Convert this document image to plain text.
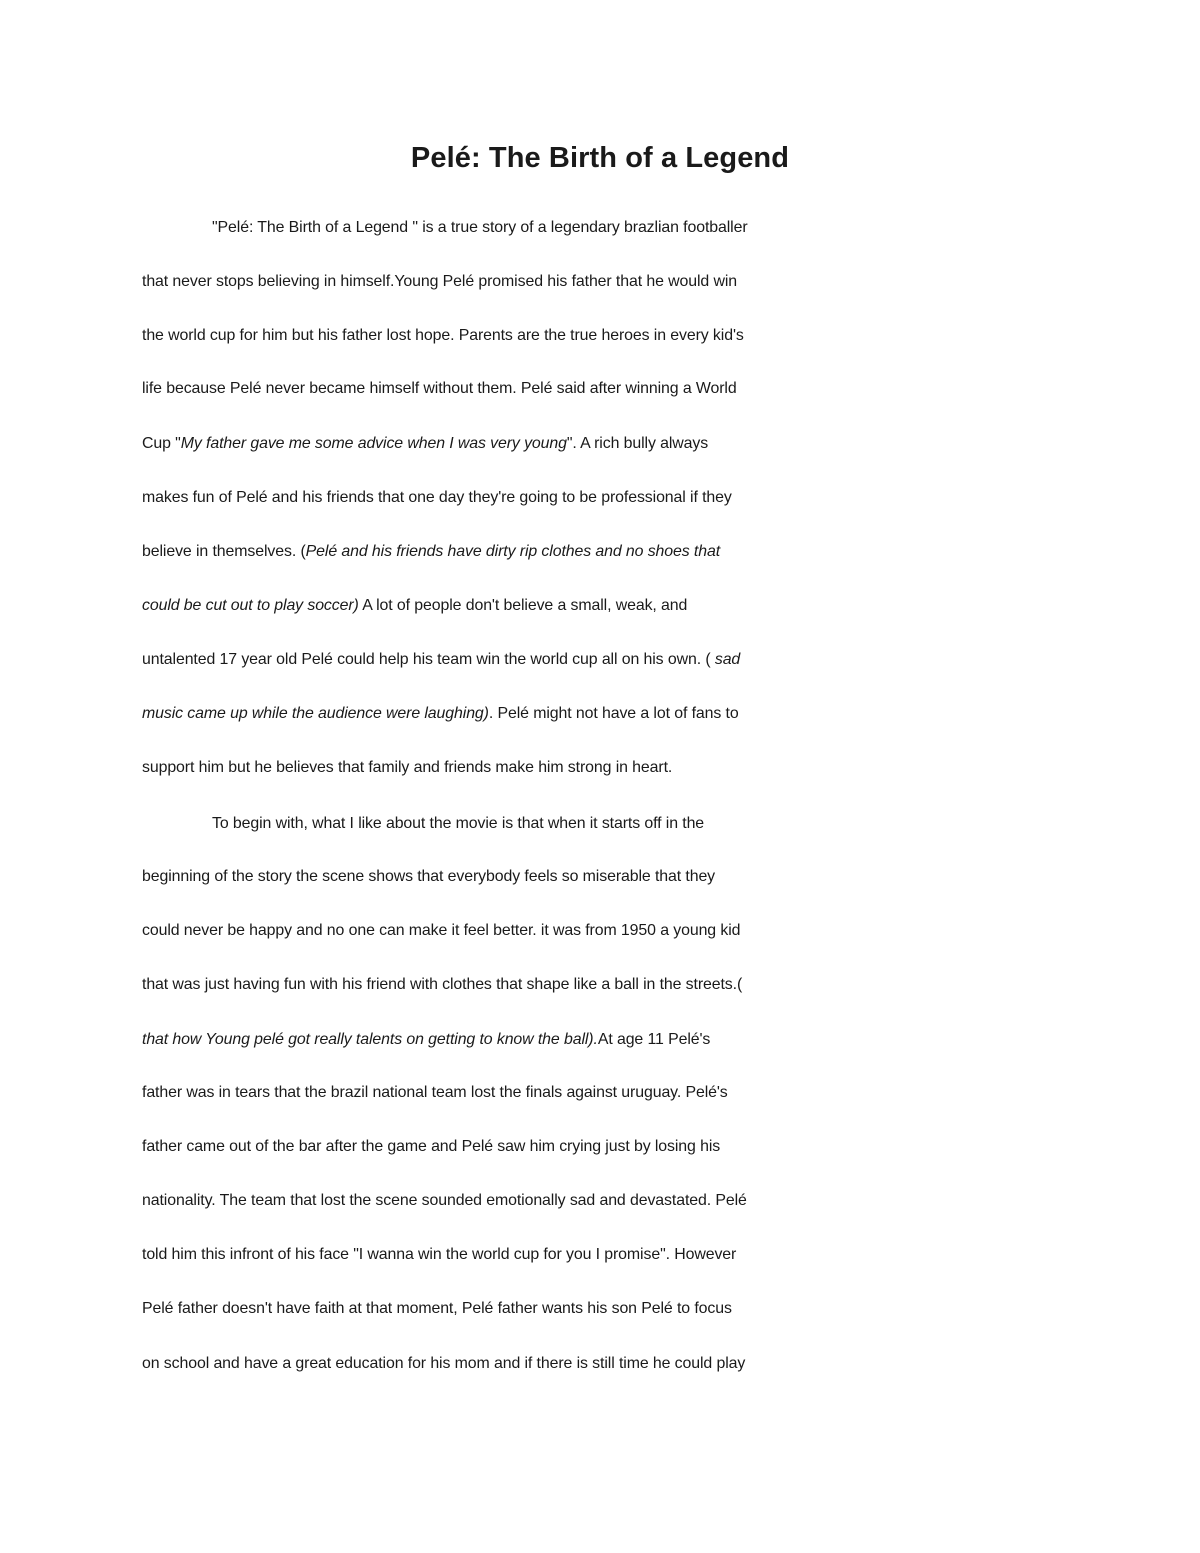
Pelé: The Birth of a Legend
"Pelé: The Birth of a Legend " is a true story of a legendary brazlian footballer
that never stops believing in himself.Young Pelé promised his father that he would win
the world cup for him but his father lost hope. Parents are the true heroes in every kid's
life because Pelé never became himself without them. Pelé said after winning a World
Cup "My father gave me some advice when I was very young". A rich bully always
makes fun of Pelé and his friends that one day they're going to be professional if they
believe in themselves. (Pelé and his friends have dirty rip clothes and no shoes that
could be cut out to play soccer) A lot of people don't believe a small, weak, and
untalented 17 year old Pelé could help his team win the world cup all on his own. ( sad
music came up while the audience were laughing). Pelé might not have a lot of fans to
support him but he believes that family and friends make him strong in heart.
To begin with, what I like about the movie is that when it starts off in the
beginning of the story the scene shows that everybody feels so miserable that they
could never be happy and no one can make it feel better. it was from 1950 a young kid
that was just having fun with his friend with clothes that shape like a ball in the streets.(
that how Young pelé got really talents on getting to know the ball).At age 11 Pelé's
father was in tears that the brazil national team lost the finals against uruguay. Pelé's
father came out of the bar after the game and Pelé saw him crying just by losing his
nationality. The team that lost the scene sounded emotionally sad and devastated. Pelé
told him this infront of his face "I wanna win the world cup for you I promise". However
Pelé father doesn't have faith at that moment, Pelé father wants his son Pelé to focus
on school and have a great education for his mom and if there is still time he could play
